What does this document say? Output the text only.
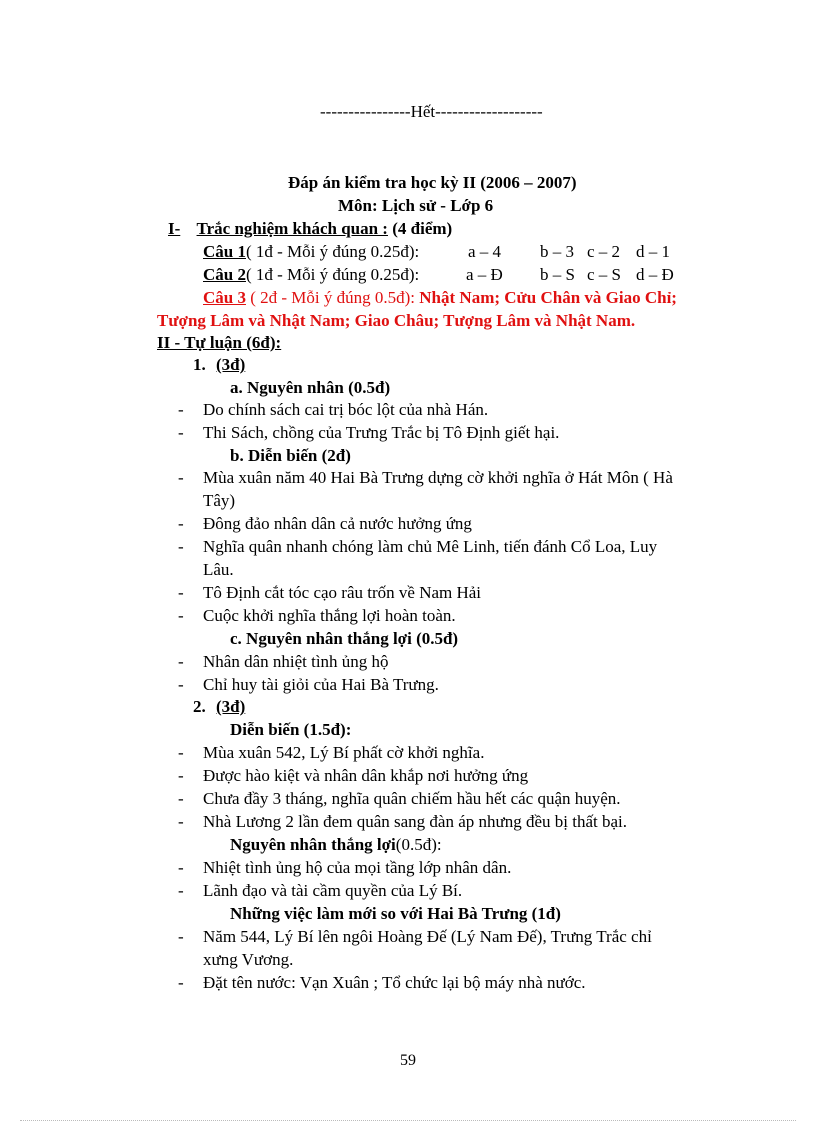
----------------Hết-------------------
Đáp án kiểm tra học kỳ II (2006 – 2007)
Môn: Lịch sử - Lớp 6
I- Trắc nghiệm khách quan : (4 điểm)
Câu 1( 1đ - Mỗi ý đúng 0.25đ):	a – 4 b – 3 c – 2 d – 1
Câu 2( 1đ - Mỗi ý đúng 0.25đ):	a – Đ b – S c – S d – Đ
Câu 3 ( 2đ - Mỗi ý đúng 0.5đ): Nhật Nam; Cửu Chân và Giao Chỉ;
Tượng Lâm và Nhật Nam; Giao Châu; Tượng Lâm và Nhật Nam.
II - Tự luận (6đ):
1. (3đ)
a. Nguyên nhân (0.5đ)
-	Do chính sách cai trị bóc lột của nhà Hán.
-	Thi Sách, chồng của Trưng Trắc bị Tô Định giết hại.
b. Diễn biến (2đ)
-	Mùa xuân năm 40 Hai Bà Trưng dựng cờ khởi nghĩa ở Hát Môn ( Hà
Tây)
-	Đông đảo nhân dân cả nước hưởng ứng
-	Nghĩa quân nhanh chóng làm chủ Mê Linh, tiến đánh Cổ Loa, Luy
Lâu.
-	Tô Định cắt tóc cạo râu trốn về Nam Hải
-	Cuộc khởi nghĩa thắng lợi hoàn toàn.
c. Nguyên nhân thắng lợi (0.5đ)
-	Nhân dân nhiệt tình ủng hộ
-	Chỉ huy tài giỏi của Hai Bà Trưng.
2. (3đ)
Diễn biến (1.5đ):
-	Mùa xuân 542, Lý Bí phất cờ khởi nghĩa.
-	Được hào kiệt và nhân dân khắp nơi hưởng ứng
-	Chưa đầy 3 tháng, nghĩa quân chiếm hầu hết các quận huyện.
-	Nhà Lương 2 lần đem quân sang đàn áp nhưng đều bị thất bại.
Nguyên nhân thắng lợi(0.5đ):
-	Nhiệt tình ủng hộ của mọi tầng lớp nhân dân.
-	Lãnh đạo và tài cầm quyền của Lý Bí.
Những việc làm mới so với Hai Bà Trưng (1đ)
-	Năm 544, Lý Bí lên ngôi Hoàng Đế (Lý Nam Đế), Trưng Trắc chỉ
xưng Vương.
-	Đặt tên nước: Vạn Xuân ; Tổ chức lại bộ máy nhà nước.
59
